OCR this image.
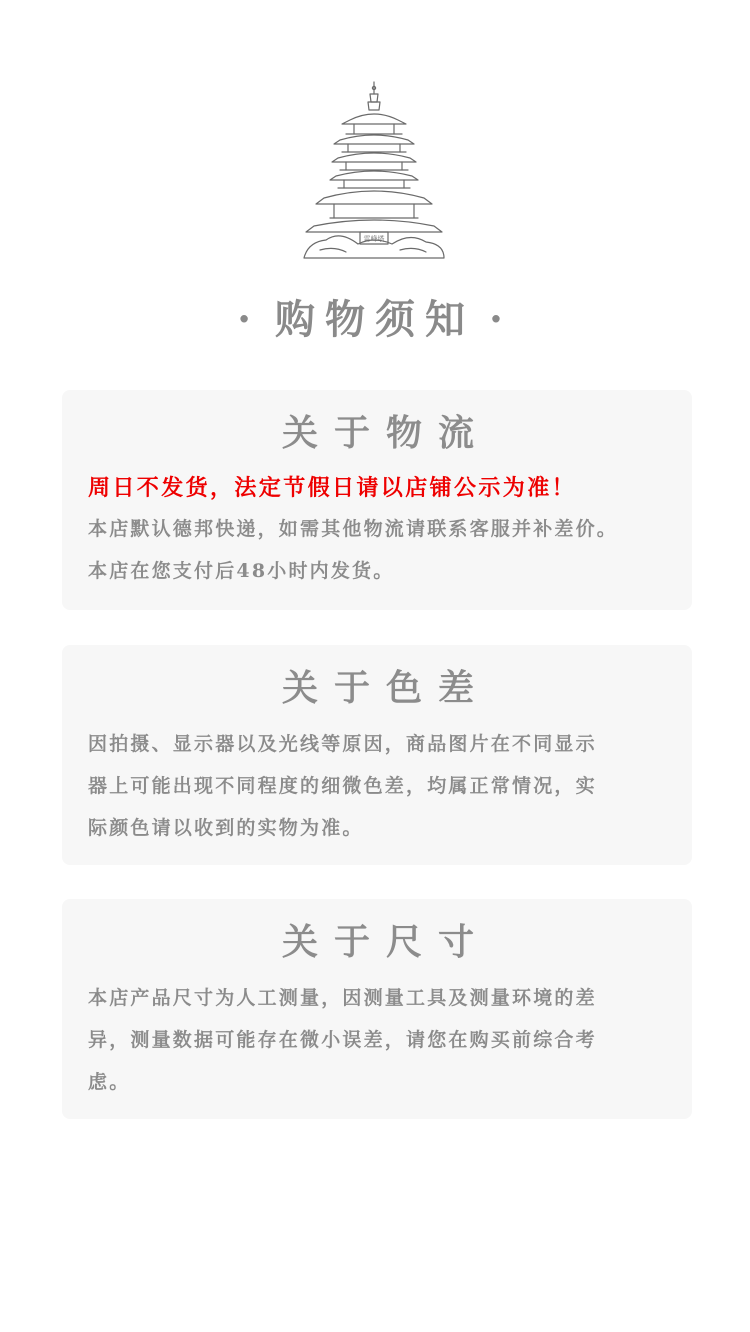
雷峰塔
· 购物须知 ·
关于物流
周日不发货，法定节假日请以店铺公示为准！
本店默认德邦快递，如需其他物流请联系客服并补差价。
本店在您支付后48小时内发货。
关于色差
因拍摄、显示器以及光线等原因，商品图片在不同显示
器上可能出现不同程度的细微色差，均属正常情况，实
际颜色请以收到的实物为准。
关于尺寸
本店产品尺寸为人工测量，因测量工具及测量环境的差
异，测量数据可能存在微小误差，请您在购买前综合考
虑。
